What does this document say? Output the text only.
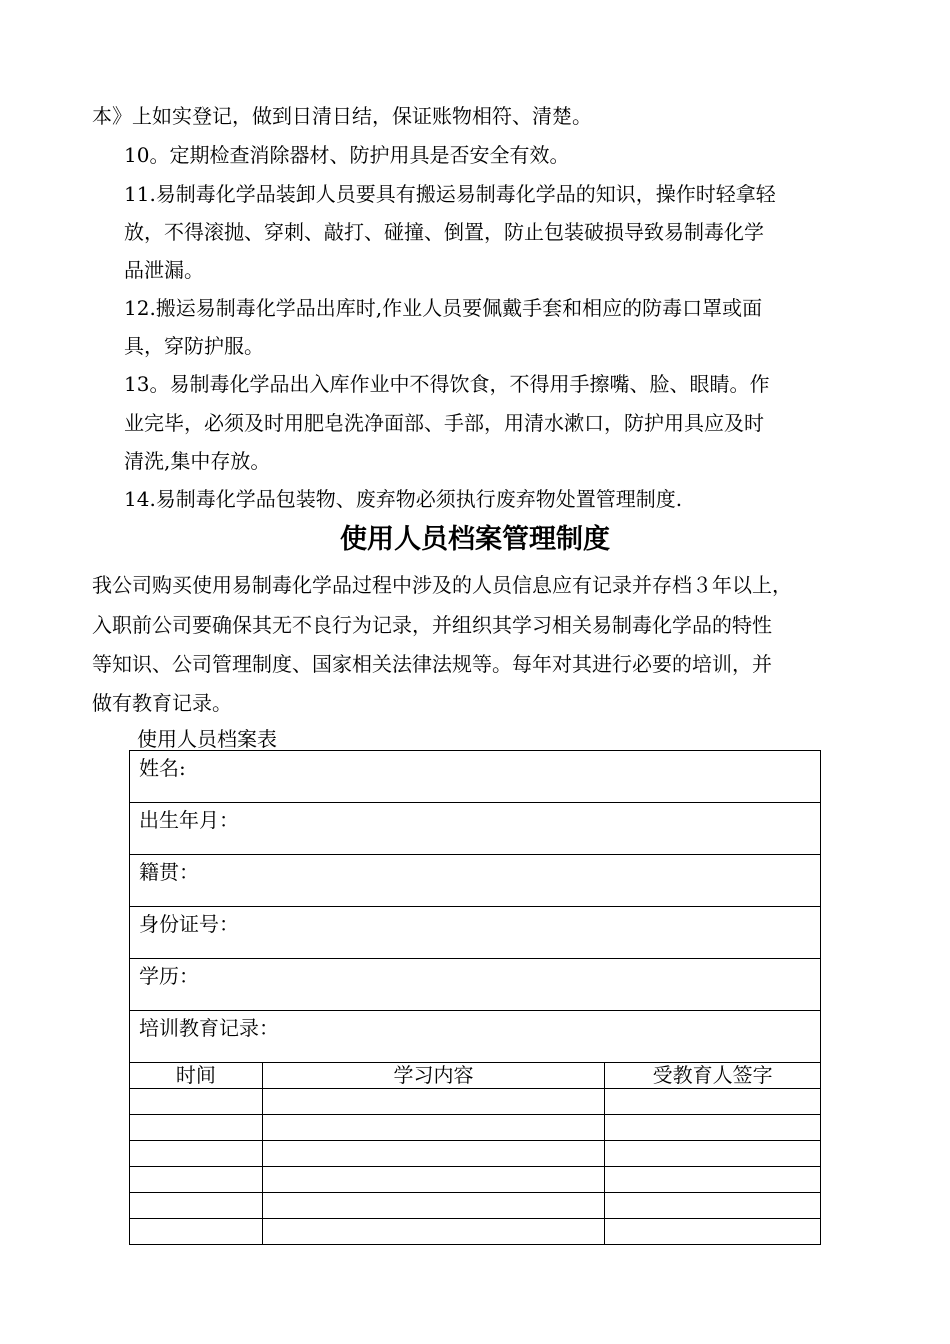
本》上如实登记，做到日清日结，保证账物相符、清楚。
10。定期检查消除器材、防护用具是否安全有效。
11.易制毒化学品装卸人员要具有搬运易制毒化学品的知识，操作时轻拿轻
放，不得滚抛、穿刺、敲打、碰撞、倒置，防止包装破损导致易制毒化学
品泄漏。
12.搬运易制毒化学品出库时,作业人员要佩戴手套和相应的防毒口罩或面
具，穿防护服。
13。易制毒化学品出入库作业中不得饮食，不得用手擦嘴、脸、眼睛。作
业完毕，必须及时用肥皂洗净面部、手部，用清水漱口，防护用具应及时
清洗,集中存放。
14.易制毒化学品包装物、废弃物必须执行废弃物处置管理制度.
使用人员档案管理制度
我公司购买使用易制毒化学品过程中涉及的人员信息应有记录并存档３年以上，
入职前公司要确保其无不良行为记录，并组织其学习相关易制毒化学品的特性
等知识、公司管理制度、国家相关法律法规等。每年对其进行必要的培训，并
做有教育记录。
使用人员档案表
姓名:		

出生年月：		

籍贯：		

身份证号：		

学历：		

培训教育记录：		

时间	学习内容	受教育人签字
